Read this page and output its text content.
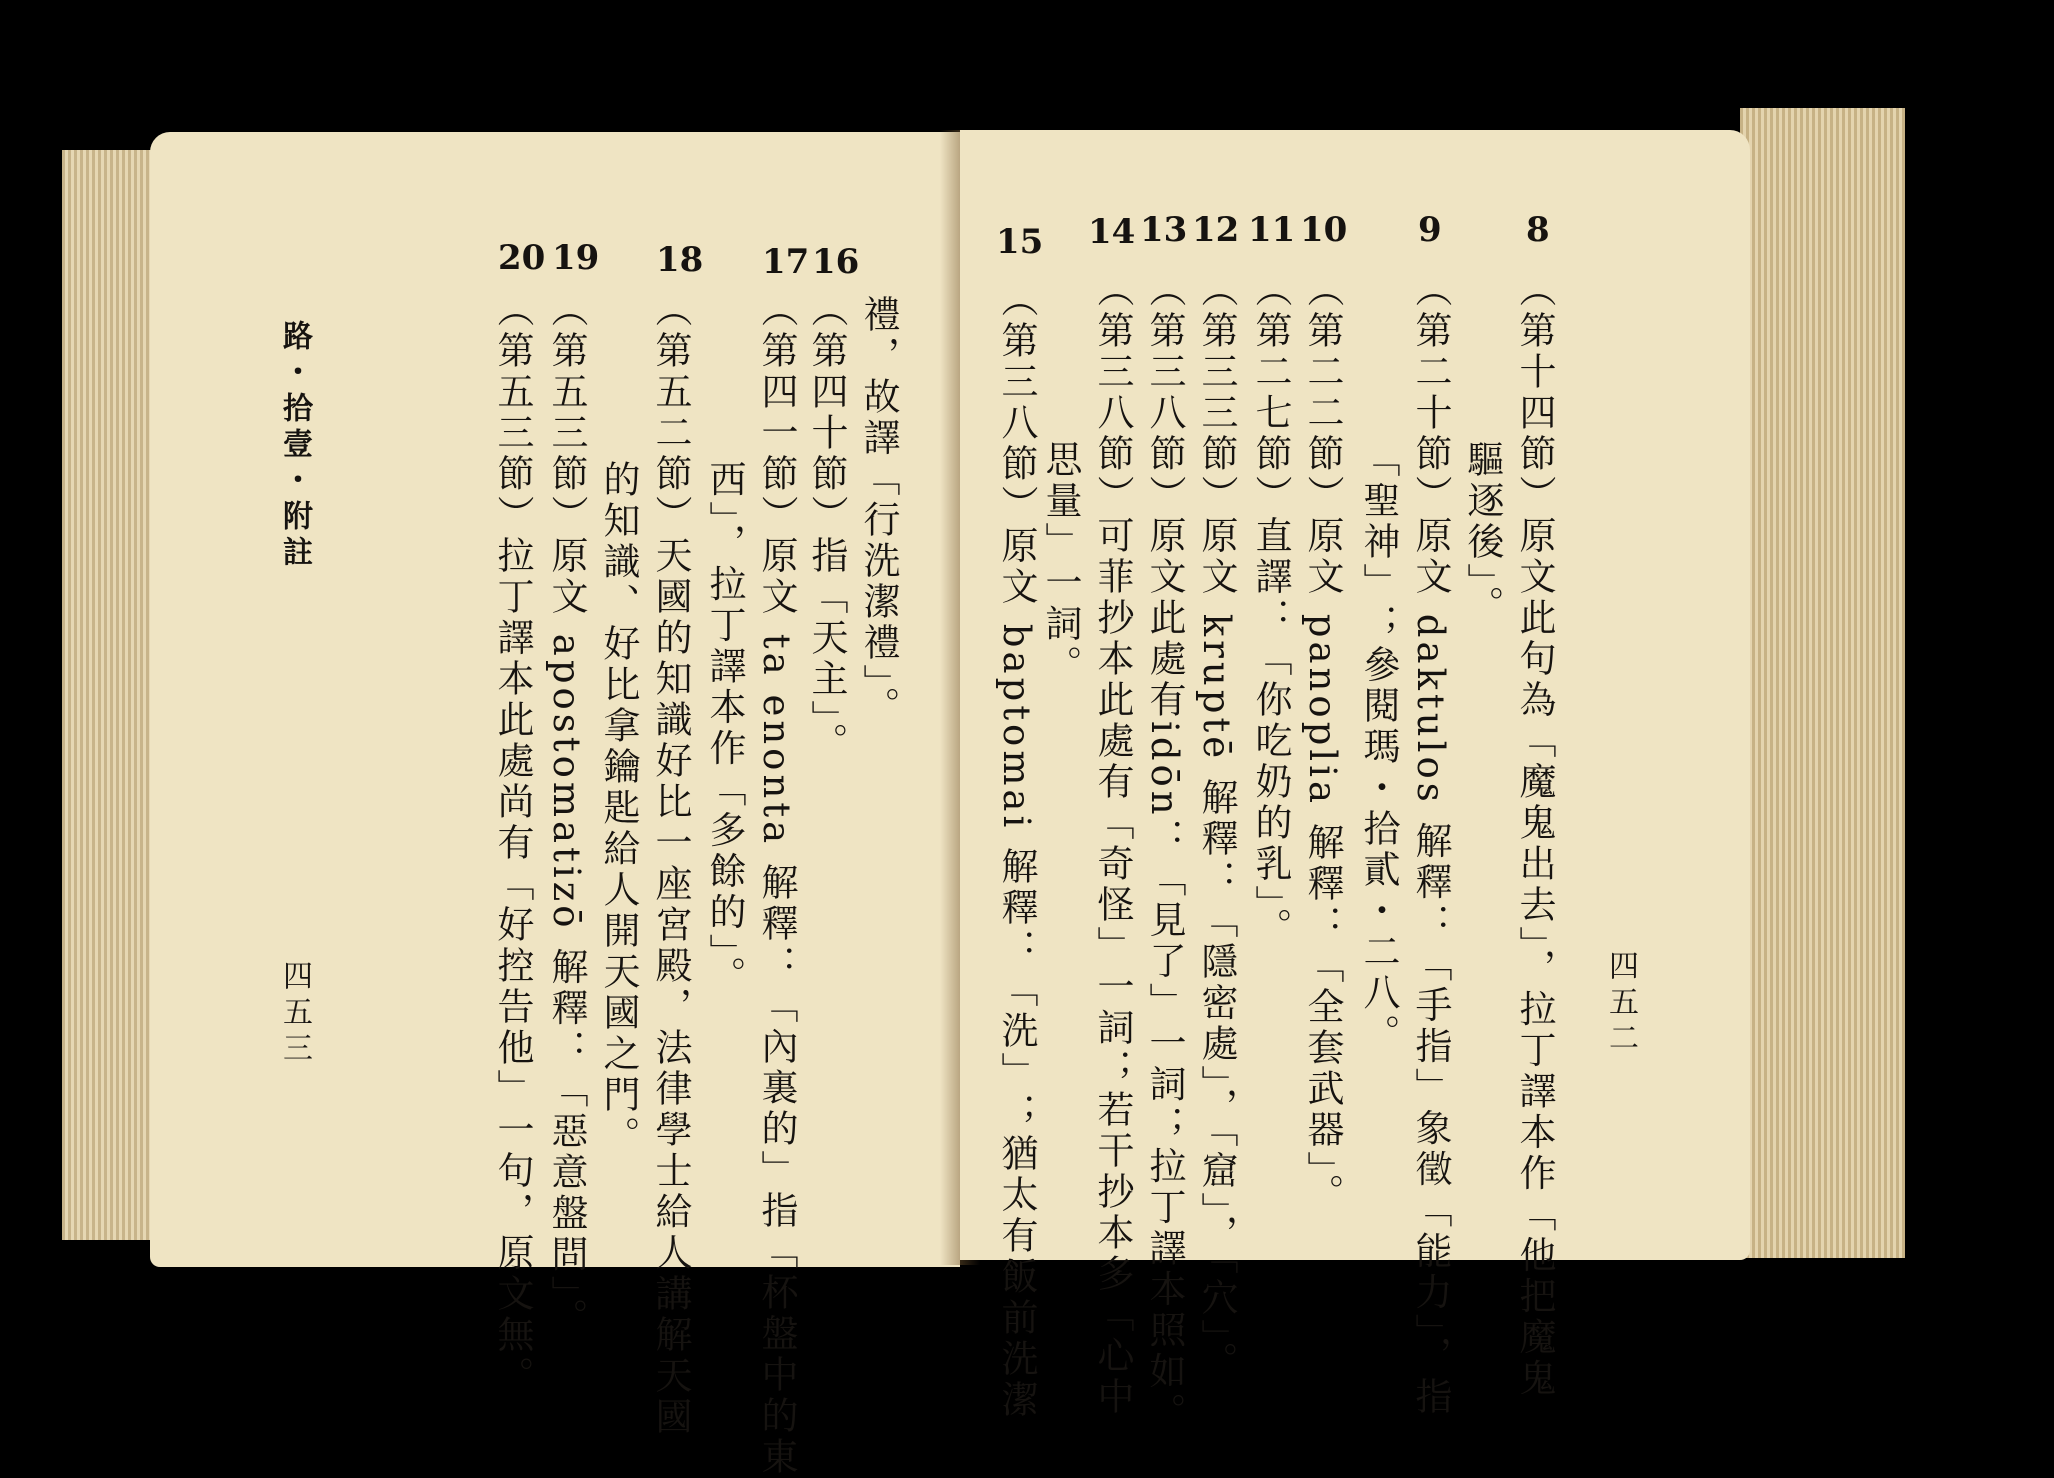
路・拾壹・附註
四五三
禮，故譯「行洗潔禮」。
16
（第四十節）指「天主」。
17
（第四一節）原文 ta enonta 解釋：「內裏的」指「杯盤中的東
西」，拉丁譯本作「多餘的」。
18
（第五二節）天國的知識好比一座宮殿，法律學士給人講解天國
的知識、好比拿鑰匙給人開天國之門。
19
（第五三節）原文 apostomatizō 解釋：「惡意盤問」。
20
（第五三節）拉丁譯本此處尚有「好控告他」一句，原文無。	四五二
8
（第十四節）原文此句為「魔鬼出去」，拉丁譯本作「他把魔鬼
驅逐後」。
9
（第二十節）原文 daktulos 解釋：「手指」象徵「能力」，指
「聖神」；參閱瑪・拾貳・二八。
10
（第二二節）原文 panoplia 解釋：「全套武器」。
11
（第二七節）直譯：「你吃奶的乳」。
12
（第三三節）原文 kruptē 解釋：「隱密處」，「窟」，「穴」。
13
（第三八節）原文此處有idōn：「見了」一詞；拉丁譯本照如。
14
（第三八節）可菲抄本此處有「奇怪」一詞；若干抄本多「心中
思量」一詞。
15
（第三八節）原文 baptomai 解釋：「洗」；猶太有飯前洗潔
